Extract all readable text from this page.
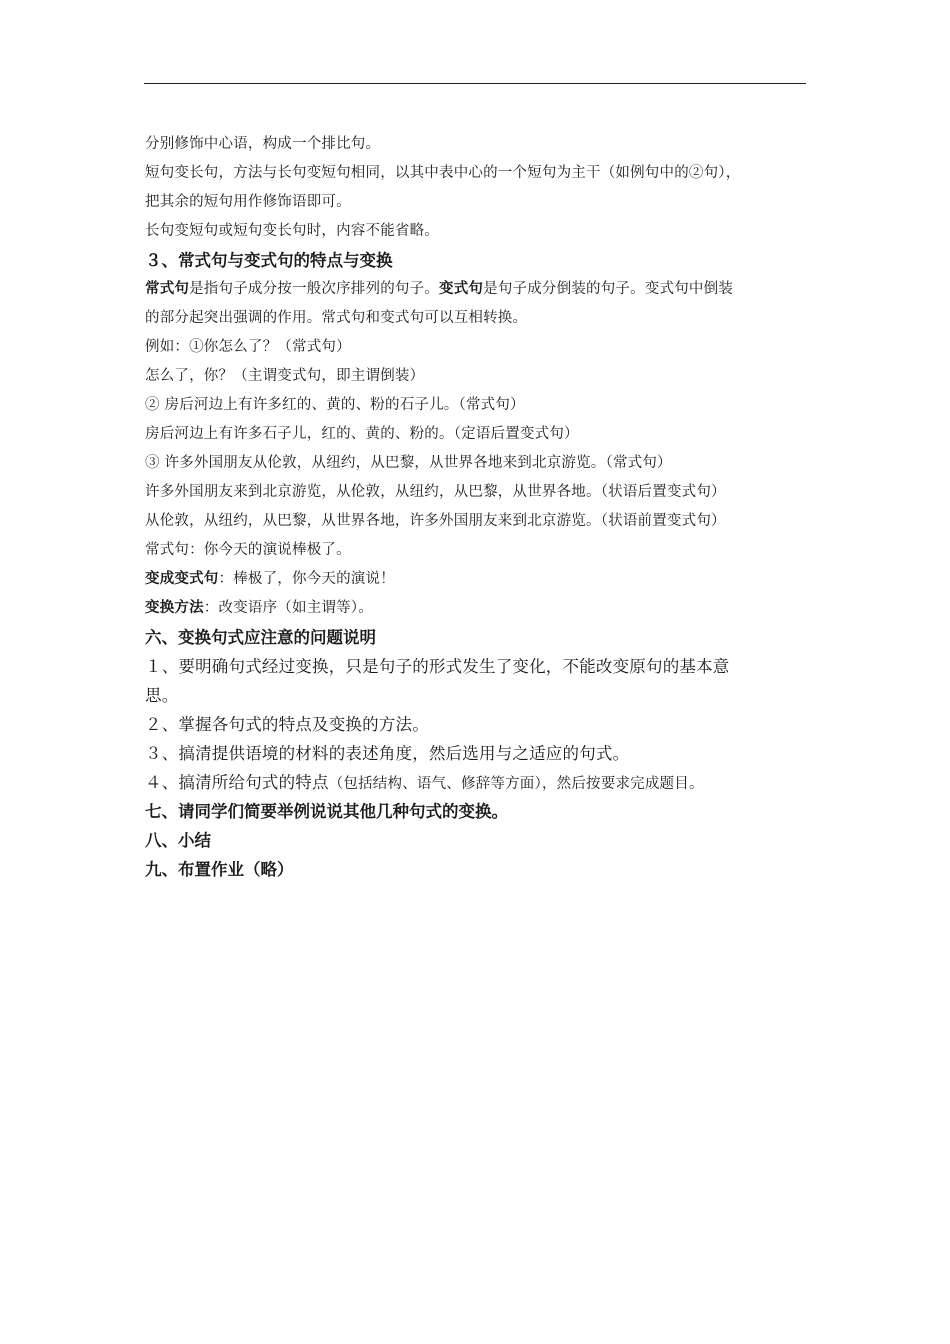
分别修饰中心语，构成一个排比句。
短句变长句，方法与长句变短句相同，以其中表中心的一个短句为主干（如例句中的②句），
把其余的短句用作修饰语即可。
长句变短句或短句变长句时，内容不能省略。
３、常式句与变式句的特点与变换
常式句是指句子成分按一般次序排列的句子。变式句是句子成分倒装的句子。变式句中倒装
的部分起突出强调的作用。常式句和变式句可以互相转换。
例如：①你怎么了？（常式句）
怎么了，你？（主谓变式句，即主谓倒装）
② 房后河边上有许多红的、黄的、粉的石子儿。（常式句）
房后河边上有许多石子儿，红的、黄的、粉的。（定语后置变式句）
③ 许多外国朋友从伦敦，从纽约，从巴黎，从世界各地来到北京游览。（常式句）
许多外国朋友来到北京游览，从伦敦，从纽约，从巴黎，从世界各地。（状语后置变式句）
从伦敦，从纽约，从巴黎，从世界各地，许多外国朋友来到北京游览。（状语前置变式句）
常式句：你今天的演说棒极了。
变成变式句：棒极了，你今天的演说！
变换方法：改变语序（如主谓等）。
六、变换句式应注意的问题说明
１、要明确句式经过变换，只是句子的形式发生了变化，不能改变原句的基本意
思。
２、掌握各句式的特点及变换的方法。
３、搞清提供语境的材料的表述角度，然后选用与之适应的句式。
４、搞清所给句式的特点（包括结构、语气、修辞等方面），然后按要求完成题目。
七、请同学们简要举例说说其他几种句式的变换。
八、小结
九、布置作业（略）
